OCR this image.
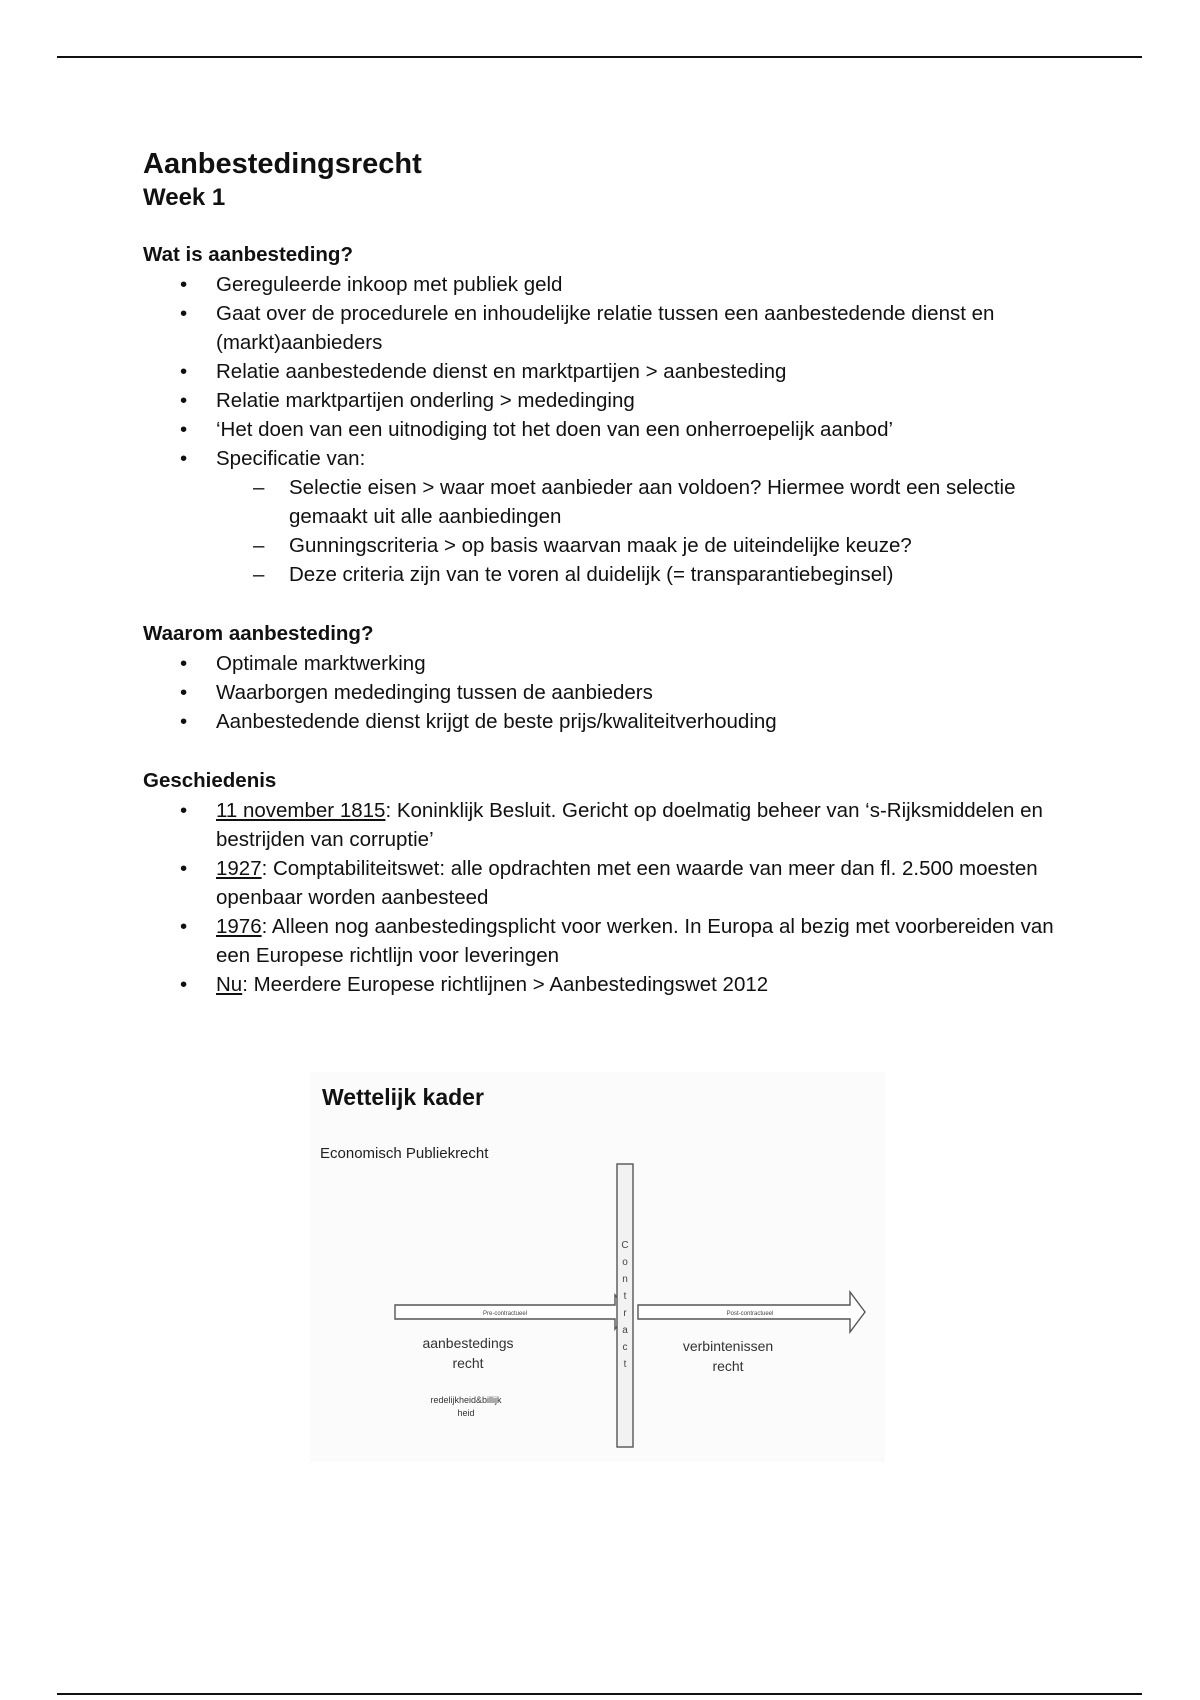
Aanbestedingsrecht
Week 1
Wat is aanbesteding?
• Gereguleerde inkoop met publiek geld
• Gaat over de procedurele en inhoudelijke relatie tussen een aanbestedende dienst en (markt)aanbieders
• Relatie aanbestedende dienst en marktpartijen > aanbesteding
• Relatie marktpartijen onderling > mededinging
• ‘Het doen van een uitnodiging tot het doen van een onherroepelijk aanbod’
• Specificatie van:
– Selectie eisen > waar moet aanbieder aan voldoen? Hiermee wordt een selectie gemaakt uit alle aanbiedingen
– Gunningscriteria > op basis waarvan maak je de uiteindelijke keuze?
– Deze criteria zijn van te voren al duidelijk (= transparantiebeginsel)
Waarom aanbesteding?
• Optimale marktwerking
• Waarborgen mededinging tussen de aanbieders
• Aanbestedende dienst krijgt de beste prijs/kwaliteitverhouding
Geschiedenis
• 11 november 1815: Koninklijk Besluit. Gericht op doelmatig beheer van ‘s-Rijksmiddelen en bestrijden van corruptie’
• 1927: Comptabiliteitswet: alle opdrachten met een waarde van meer dan fl. 2.500 moesten openbaar worden aanbesteed
• 1976: Alleen nog aanbestedingsplicht voor werken. In Europa al bezig met voorbereiden van een Europese richtlijn voor leveringen
• Nu: Meerdere Europese richtlijnen > Aanbestedingswet 2012
Wettelijk kader
Economisch Publiekrecht
Pre-contractueel	Post-contractueel
C
o
n
t
r
a
c
t
aanbestedings
recht
redelijkheid&billijk
heid
verbintenissen
recht
